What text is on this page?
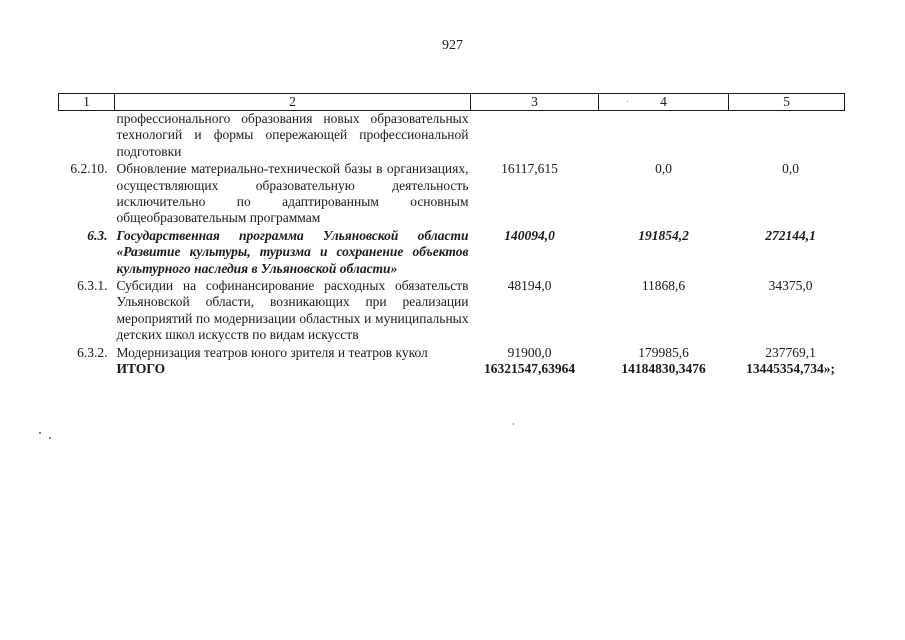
927
1	2	3	4	5
	профессионального образования новых образовательных технологий и формы опережающей профессиональной подготовки			
6.2.10.	Обновление материально-технической базы в организациях, осуществляющих образовательную деятельность исключительно по адаптированным основным общеобразовательным программам	16117,615	0,0	0,0
6.3.	Государственная программа Ульяновской области «Развитие культуры, туризма и сохранение объектов культурного наследия в Ульяновской области»	140094,0	191854,2	272144,1
6.3.1.	Субсидии на софинансирование расходных обязательств Ульяновской области, возникающих при реализации мероприятий по модернизации областных и муниципальных детских школ искусств по видам искусств	48194,0	11868,6	34375,0
6.3.2.	Модернизация театров юного зрителя и театров кукол	91900,0	179985,6	237769,1
	ИТОГО	16321547,63964	14184830,3476	13445354,734»;
